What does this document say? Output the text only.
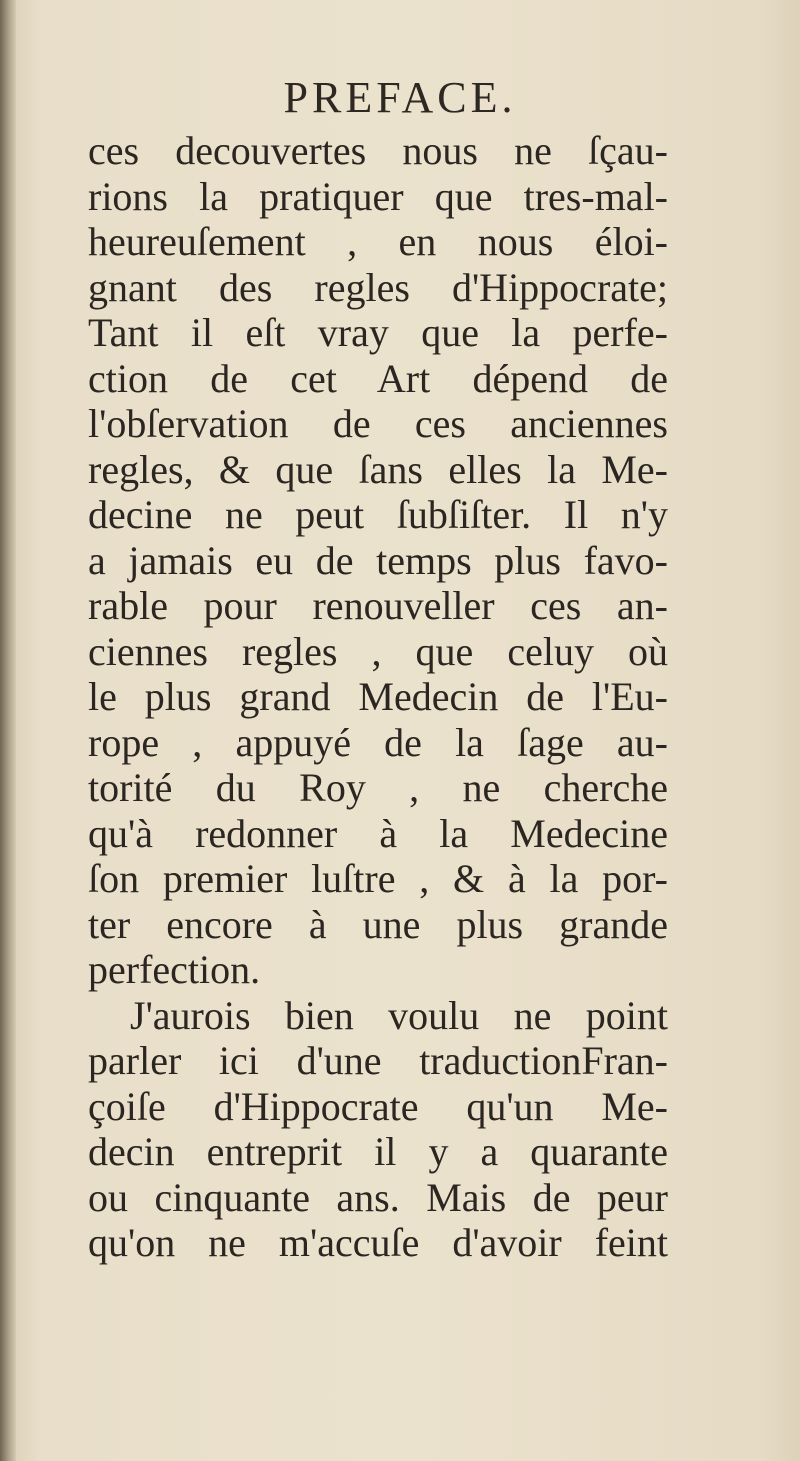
PREFACE.
ces decouvertes nous ne ſçau-
rions la pratiquer que tres-mal-
heureuſement , en nous éloi-
gnant des regles d'Hippocrate;
Tant il eſt vray que la perfe-
ction de cet Art dépend de
l'obſervation de ces anciennes
regles, & que ſans elles la Me-
decine ne peut ſubſiſter. Il n'y
a jamais eu de temps plus favo-
rable pour renouveller ces an-
ciennes regles , que celuy où
le plus grand Medecin de l'Eu-
rope , appuyé de la ſage au-
torité du Roy , ne cherche
qu'à redonner à la Medecine
ſon premier luſtre , & à la por-
ter encore à une plus grande
perfection.
J'aurois bien voulu ne point
parler ici d'une traductionFran-
çoiſe d'Hippocrate qu'un Me-
decin entreprit il y a quarante
ou cinquante ans. Mais de peur
qu'on ne m'accuſe d'avoir feint
